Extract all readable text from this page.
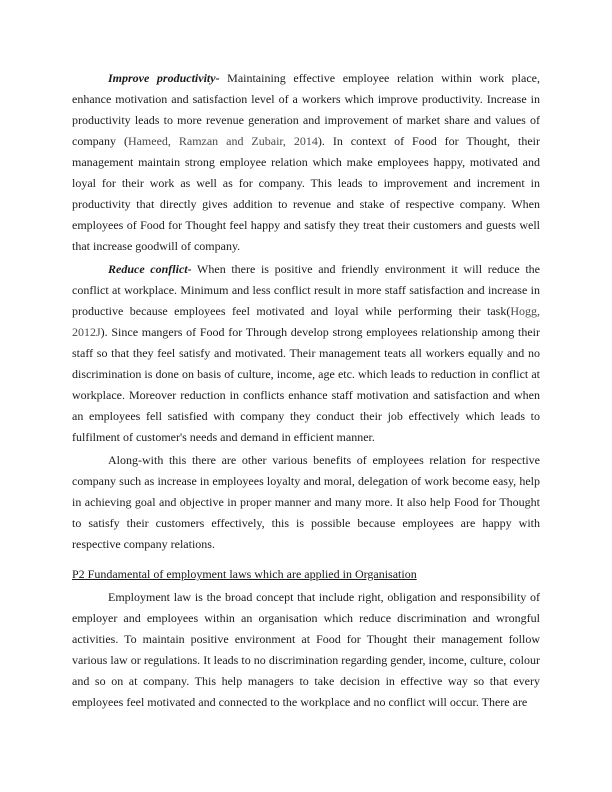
Improve productivity- Maintaining effective employee relation within work place, enhance motivation and satisfaction level of a workers which improve productivity. Increase in productivity leads to more revenue generation and improvement of market share and values of company (Hameed, Ramzan and Zubair, 2014). In context of Food for Thought, their management maintain strong employee relation which make employees happy, motivated and loyal for their work as well as for company. This leads to improvement and increment in productivity that directly gives addition to revenue and stake of respective company. When employees of Food for Thought feel happy and satisfy they treat their customers and guests well that increase goodwill of company.

Reduce conflict- When there is positive and friendly environment it will reduce the conflict at workplace. Minimum and less conflict result in more staff satisfaction and increase in productive because employees feel motivated and loyal while performing their task(Hogg, 2012J). Since mangers of Food for Through develop strong employees relationship among their staff so that they feel satisfy and motivated. Their management teats all workers equally and no discrimination is done on basis of culture, income, age etc. which leads to reduction in conflict at workplace. Moreover reduction in conflicts enhance staff motivation and satisfaction and when an employees fell satisfied with company they conduct their job effectively which leads to fulfilment of customer's needs and demand in efficient manner.

Along-with this there are other various benefits of employees relation for respective company such as increase in employees loyalty and moral, delegation of work become easy, help in achieving goal and objective in proper manner and many more. It also help Food for Thought to satisfy their customers effectively, this is possible because employees are happy with respective company relations.

P2 Fundamental of employment laws which are applied in Organisation

Employment law is the broad concept that include right, obligation and responsibility of employer and employees within an organisation which reduce discrimination and wrongful activities. To maintain positive environment at Food for Thought their management follow various law or regulations. It leads to no discrimination regarding gender, income, culture, colour and so on at company. This help managers to take decision in effective way so that every employees feel motivated and connected to the workplace and no conflict will occur. There are
